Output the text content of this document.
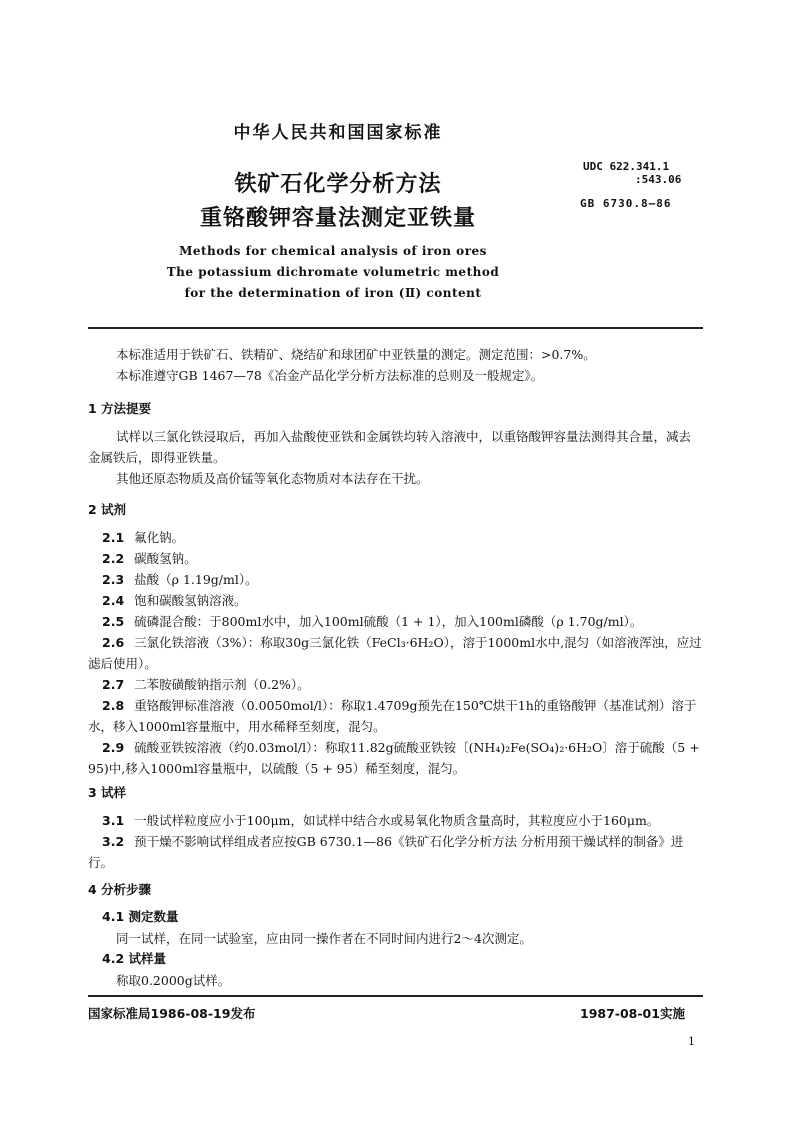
中华人民共和国国家标准
铁矿石化学分析方法
重铬酸钾容量法测定亚铁量
UDC 622.341.1
:543.06
GB 6730.8—86
Methods for chemical analysis of iron ores
The potassium dichromate volumetric method
for the determination of iron (Ⅱ) content
本标准适用于铁矿石、铁精矿、烧结矿和球团矿中亚铁量的测定。测定范围：>0.7%。
本标准遵守GB 1467—78《冶金产品化学分析方法标准的总则及一般规定》。
1 方法提要
试样以三氯化铁浸取后，再加入盐酸使亚铁和金属铁均转入溶液中，以重铬酸钾容量法测得其合量，减去金属铁后，即得亚铁量。
其他还原态物质及高价锰等氧化态物质对本法存在干扰。
2 试剂
2.1 氟化钠。
2.2 碳酸氢钠。
2.3 盐酸（ρ 1.19g/ml）。
2.4 饱和碳酸氢钠溶液。
2.5 硫磷混合酸：于800ml水中，加入100ml硫酸（1 + 1），加入100ml磷酸（ρ 1.70g/ml）。
2.6 三氯化铁溶液（3%）：称取30g三氯化铁（FeCl₃·6H₂O），溶于1000ml水中,混匀（如溶液浑浊，应过滤后使用）。
2.7 二苯胺磺酸钠指示剂（0.2%）。
2.8 重铬酸钾标准溶液（0.0050mol/l）：称取1.4709g预先在150℃烘干1h的重铬酸钾（基准试剂）溶于水，移入1000ml容量瓶中，用水稀释至刻度，混匀。
2.9 硫酸亚铁铵溶液（约0.03mol/l）：称取11.82g硫酸亚铁铵〔(NH₄)₂Fe(SO₄)₂·6H₂O〕溶于硫酸（5 + 95)中,移入1000ml容量瓶中，以硫酸（5 + 95）稀至刻度，混匀。
3 试样
3.1 一般试样粒度应小于100μm，如试样中结合水或易氧化物质含量高时，其粒度应小于160μm。
3.2 预干燥不影响试样组成者应按GB 6730.1—86《铁矿石化学分析方法 分析用预干燥试样的制备》进行。
4 分析步骤
4.1 测定数量
同一试样，在同一试验室，应由同一操作者在不同时间内进行2～4次测定。
4.2 试样量
称取0.2000g试样。
国家标准局1986-08-19发布	1987-08-01实施
1
